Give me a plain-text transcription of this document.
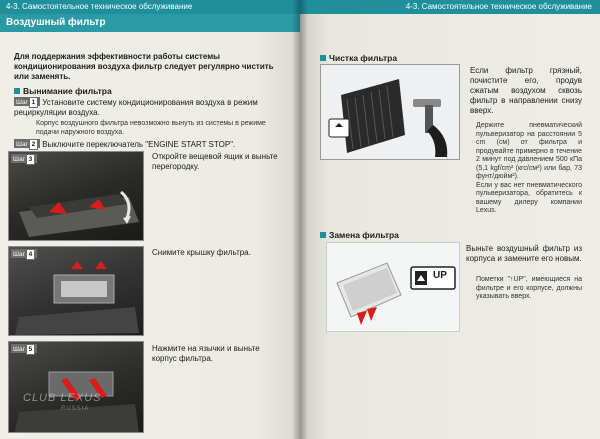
4-3. Самостоятельное техническое обслуживание
Воздушный фильтр
Для поддержания эффективности работы системы кондиционирования воздуха фильтр следует регулярно чистить или заменять.
Выниманиe фильтра
Шаг 1 Установите систему кондиционирования воздуха в режим рециркуляции воздуха.
Корпус воздушного фильтра невозможно вынуть из системы в режиме подачи наружного воздуха.
Шаг 2 Выключите переключатель "ENGINE START STOP".
Шаг 3	Откройте вещевой ящик и выньте перегородку.
Шаг 4	Снимите крышку фильтра.
Шаг 5
CLUB LEXUS
RUSSIA
Нажмите на язычки и выньте корпус фильтра.
4-3. Самостоятельное техническое обслуживание
Чистка фильтра
Если фильтр грязный, почистите его, продув сжатым воздухом сквозь фильтр в направлении снизу вверх.
Держите пневматический пульверизатор на расстоянии 5 cm (см) от фильтра и продувайте примерно в течение 2 минут под давлением 500 кПа (5,1 kgf/cm² (кгс/см²) или бар, 73 фунт/дюйм²).
Если у вас нет пневматического пульверизатора, обратитесь к вашему дилеру компании Lexus.
Замена фильтра
UP
Выньте воздушный фильтр из корпуса и замените его новым.
Пометки "↑UP", имеющиеся на фильтре и его корпусе, должны указывать вверх.
